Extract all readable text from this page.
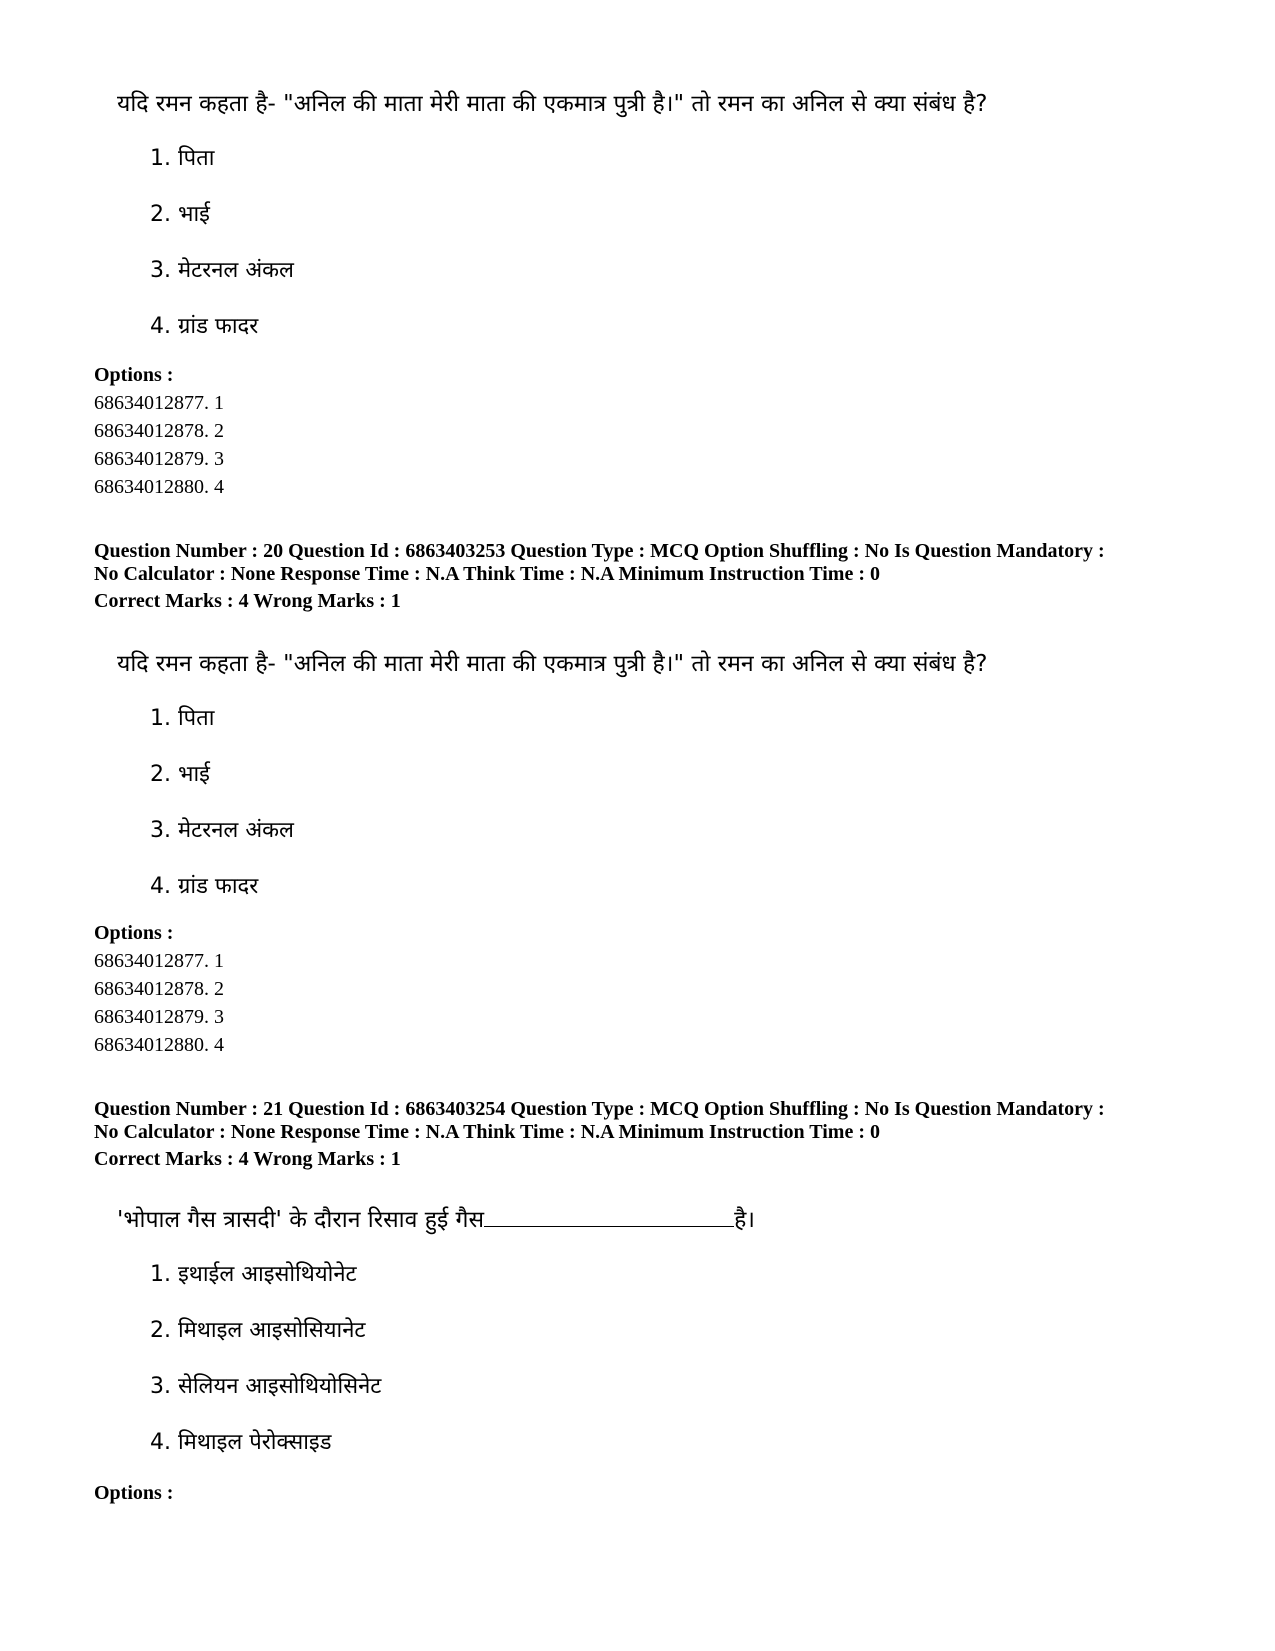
यदि रमन कहता है- "अनिल की माता मेरी माता की एकमात्र पुत्री है।" तो रमन का अनिल से क्या संबंध है?
1. पिता
2. भाई
3. मेटरनल अंकल
4. ग्रांड फादर
Options :
68634012877. 1
68634012878. 2
68634012879. 3
68634012880. 4
Question Number : 20 Question Id : 6863403253 Question Type : MCQ Option Shuffling : No Is Question Mandatory :
No Calculator : None Response Time : N.A Think Time : N.A Minimum Instruction Time : 0
Correct Marks : 4 Wrong Marks : 1
यदि रमन कहता है- "अनिल की माता मेरी माता की एकमात्र पुत्री है।" तो रमन का अनिल से क्या संबंध है?
1. पिता
2. भाई
3. मेटरनल अंकल
4. ग्रांड फादर
Options :
68634012877. 1
68634012878. 2
68634012879. 3
68634012880. 4
Question Number : 21 Question Id : 6863403254 Question Type : MCQ Option Shuffling : No Is Question Mandatory :
No Calculator : None Response Time : N.A Think Time : N.A Minimum Instruction Time : 0
Correct Marks : 4 Wrong Marks : 1
'भोपाल गैस त्रासदी' के दौरान रिसाव हुई गैस	है।
1. इथाईल आइसोथियोनेट
2. मिथाइल आइसोसियानेट
3. सेलियन आइसोथियोसिनेट
4. मिथाइल पेरोक्साइड
Options :
